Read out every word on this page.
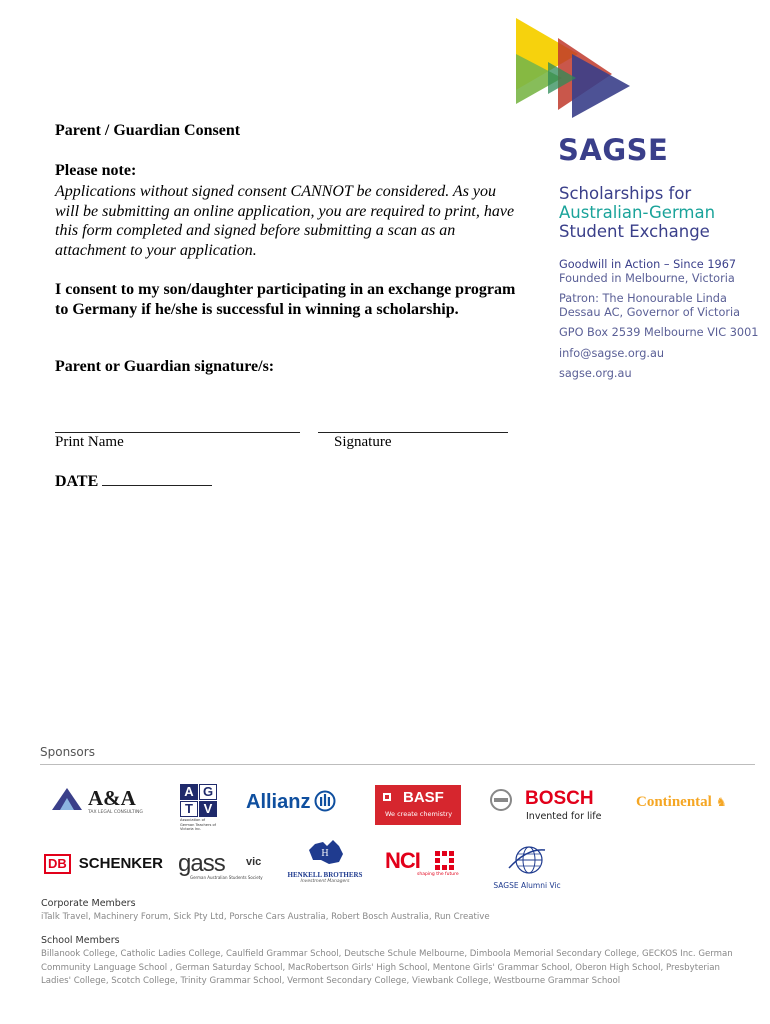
Parent / Guardian Consent
Please note:
Applications without signed consent CANNOT be considered. As you will be submitting an online application, you are required to print, have this form completed and signed before submitting a scan as an attachment to your application.
I consent to my son/daughter participating in an exchange program to Germany if he/she is successful in winning a scholarship.
Parent or Guardian signature/s:
Print Name	Signature
DATE
SAGSE
Scholarships for
Australian-German
Student Exchange
Goodwill in Action – Since 1967
Founded in Melbourne, Victoria
Patron: The Honourable Linda
Dessau AC, Governor of Victoria
GPO Box 2539 Melbourne VIC 3001
info@sagse.org.au
sagse.org.au
Sponsors
A&A
TAX LEGAL CONSULTING
A G
T V
Association of German Teachers of Victoria Inc.
Allianz	BASF
We create chemistry
BOSCH
Invented for life
Continental ♞
DB SCHENKER gass vic
German Australian Students Society
H
HENKELL BROTHERS
Investment Managers
NCI
shaping the future
SAGSE Alumni Vic
Corporate Members
iTalk Travel, Machinery Forum, Sick Pty Ltd, Porsche Cars Australia, Robert Bosch Australia, Run Creative
School Members
Billanook College, Catholic Ladies College, Caulfield Grammar School, Deutsche Schule Melbourne, Dimboola Memorial Secondary College, GECKOS Inc. German Community Language School , German Saturday School, MacRobertson Girls' High School, Mentone Girls' Grammar School, Oberon High School, Presbyterian Ladies' College, Scotch College, Trinity Grammar School, Vermont Secondary College, Viewbank College, Westbourne Grammar School
